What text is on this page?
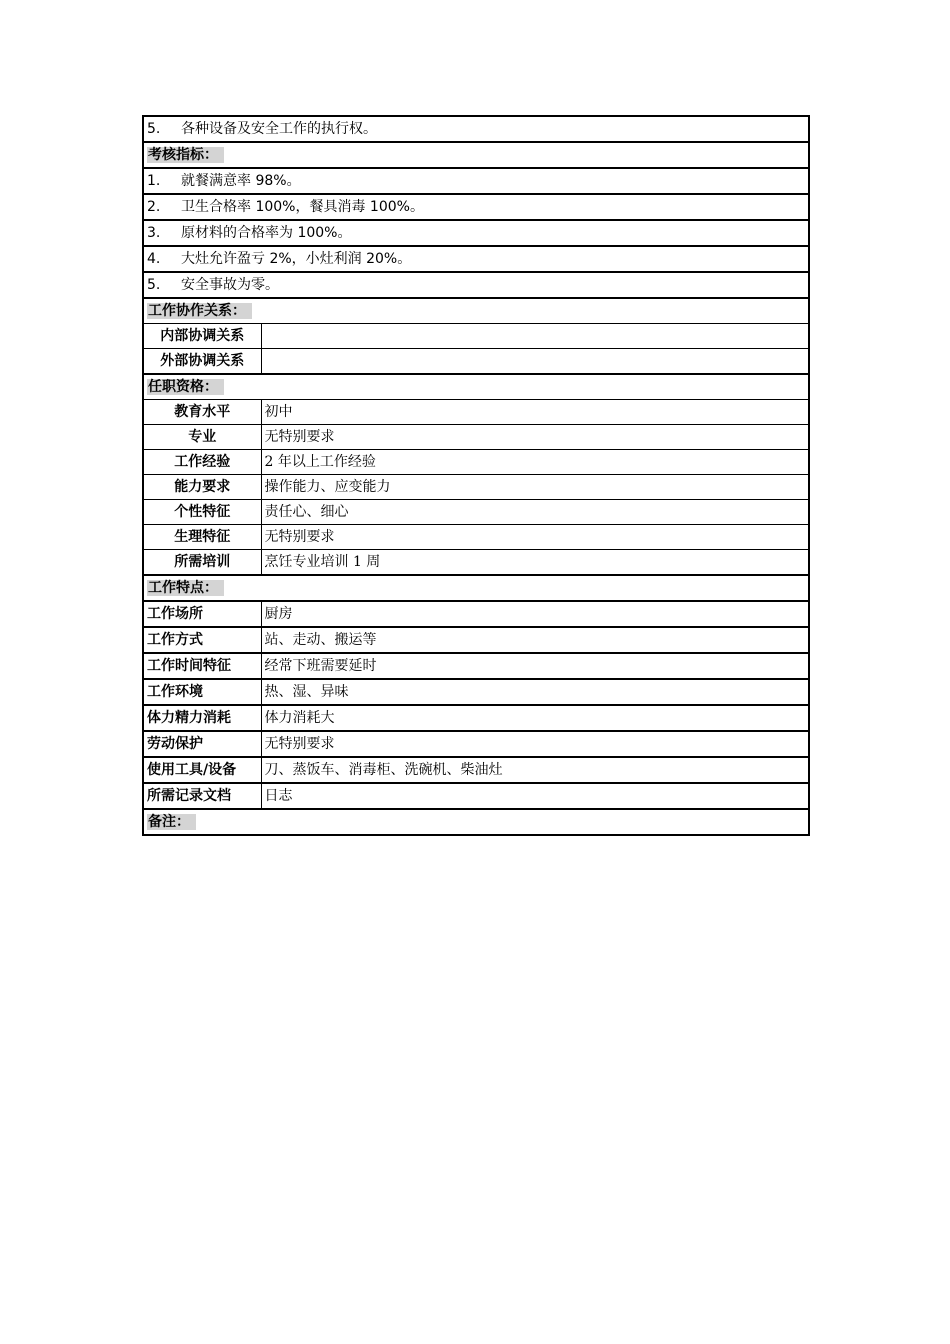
5. 各种设备及安全工作的执行权。	
考核指标：	
1. 就餐满意率 98%。	
2. 卫生合格率 100%，餐具消毒 100%。	
3. 原材料的合格率为 100%。	
4. 大灶允许盈亏 2%，小灶利润 20%。	
5. 安全事故为零。	
工作协作关系：	
内部协调关系	
外部协调关系	
任职资格：	
教育水平	初中
专业	无特别要求
工作经验	2 年以上工作经验
能力要求	操作能力、应变能力
个性特征	责任心、细心
生理特征	无特别要求
所需培训	烹饪专业培训 1 周
工作特点：	
工作场所	厨房
工作方式	站、走动、搬运等
工作时间特征	经常下班需要延时
工作环境	热、湿、异味
体力精力消耗	体力消耗大
劳动保护	无特别要求
使用工具/设备	刀、蒸饭车、消毒柜、洗碗机、柴油灶
所需记录文档	日志
备注：	
